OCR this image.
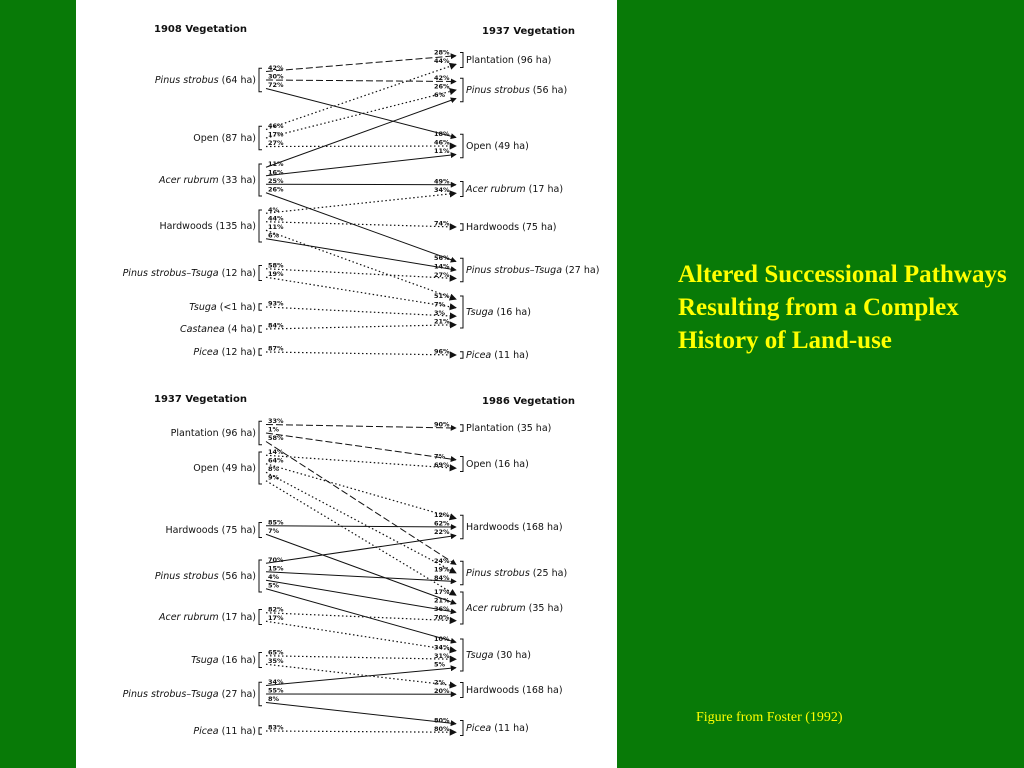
1908 Vegetation	1937 Vegetation
42%
28%
30%	42%
72%
18%
46%
44%
17%
26%
27%	46%
11%
6%
16%
11%
25%	49%
26%
56%
4%
34%
44%
74%
11%
51%
6%
14%
58%
27%
19%
7%
93%
3%
84%
21%
87%	96%
Pinus strobus (64 ha)
Open (87 ha)
Acer rubrum (33 ha)
Hardwoods (135 ha)
Pinus strobus–Tsuga (12 ha)
Tsuga (<1 ha)
Castanea (4 ha)
Picea (12 ha)
Plantation (96 ha)
Pinus strobus (56 ha)
Open (49 ha)
Acer rubrum (17 ha)
Hardwoods (75 ha)
Pinus strobus–Tsuga (27 ha)
Tsuga (16 ha)
Picea (11 ha)
1937 Vegetation	1986 Vegetation
33%	90%
1%
7%
58%
24%
14%
69%
64%
12%
8%
19%
9%
17%
85%	62%
7%
21%
70%
22%
15%
84%
4%
36%
5%
10%
82%
70%
17%
34%
65%	31%
35%
2%
34%
5%
55%	20%
8%
80%
83%	80%
Plantation (96 ha)
Open (49 ha)
Hardwoods (75 ha)
Pinus strobus (56 ha)
Acer rubrum (17 ha)
Tsuga (16 ha)
Pinus strobus–Tsuga (27 ha)
Picea (11 ha)
Plantation (35 ha)
Open (16 ha)
Hardwoods (168 ha)
Pinus strobus (25 ha)
Acer rubrum (35 ha)
Tsuga (30 ha)
Hardwoods (168 ha)
Picea (11 ha)
Altered Successional Pathways Resulting from a Complex History of Land-use

Figure from Foster (1992)
